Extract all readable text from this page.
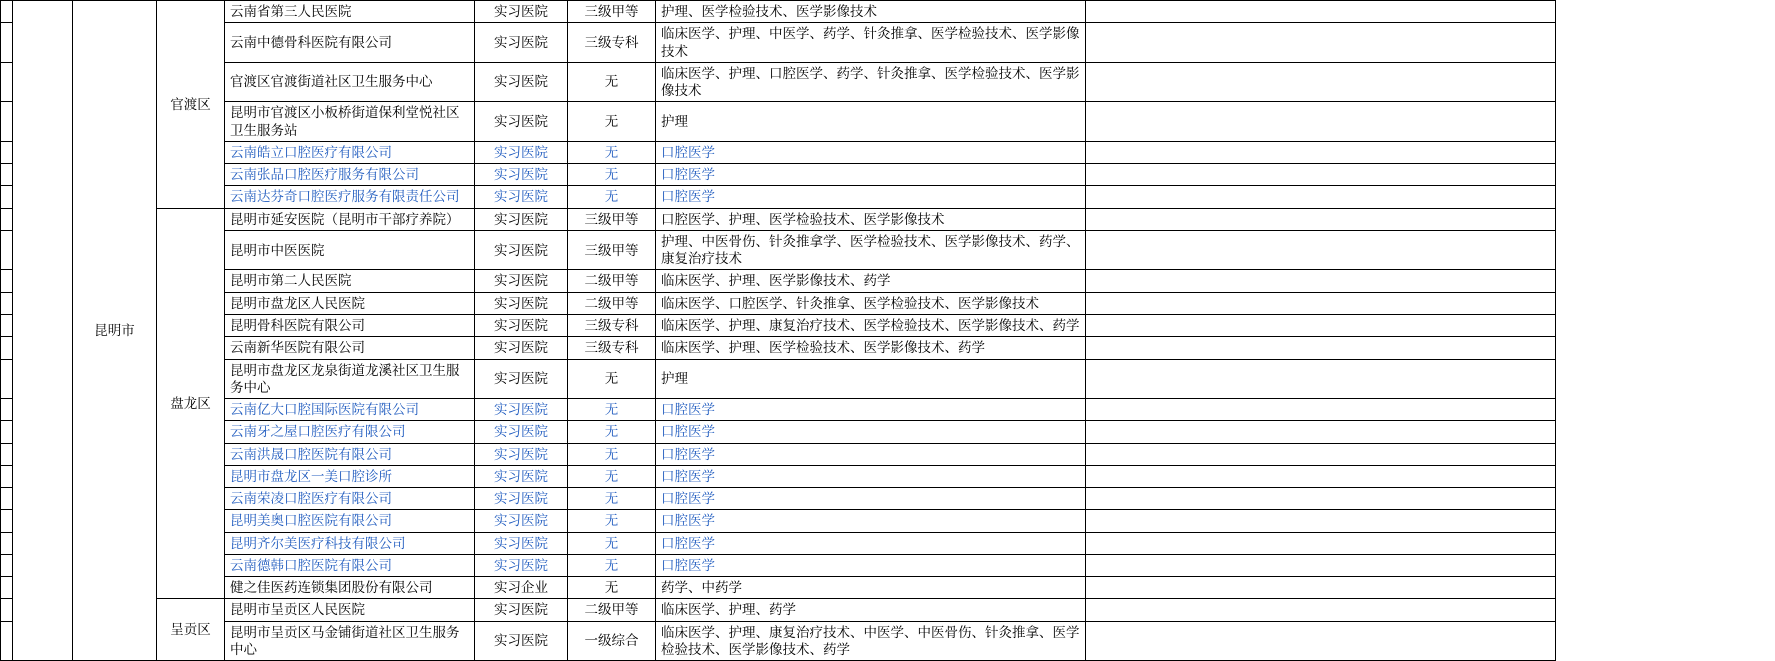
		昆明市	官渡区	云南省第三人民医院	实习医院	三级甲等	护理、医学检验技术、医学影像技术	
				云南中德骨科医院有限公司	实习医院	三级专科	临床医学、护理、中医学、药学、针灸推拿、医学检验技术、医学影像技术	
				官渡区官渡街道社区卫生服务中心	实习医院	无	临床医学、护理、口腔医学、药学、针灸推拿、医学检验技术、医学影像技术	
				昆明市官渡区小板桥街道保利堂悦社区卫生服务站	实习医院	无	护理	
				云南皓立口腔医疗有限公司	实习医院	无	口腔医学	
				云南张品口腔医疗服务有限公司	实习医院	无	口腔医学	
				云南达芬奇口腔医疗服务有限责任公司	实习医院	无	口腔医学	
			盘龙区	昆明市延安医院（昆明市干部疗养院）	实习医院	三级甲等	口腔医学、护理、医学检验技术、医学影像技术	
				昆明市中医医院	实习医院	三级甲等	护理、中医骨伤、针灸推拿学、医学检验技术、医学影像技术、药学、康复治疗技术	
				昆明市第二人民医院	实习医院	二级甲等	临床医学、护理、医学影像技术、药学	
				昆明市盘龙区人民医院	实习医院	二级甲等	临床医学、口腔医学、针灸推拿、医学检验技术、医学影像技术	
				昆明骨科医院有限公司	实习医院	三级专科	临床医学、护理、康复治疗技术、医学检验技术、医学影像技术、药学	
				云南新华医院有限公司	实习医院	三级专科	临床医学、护理、医学检验技术、医学影像技术、药学	
				昆明市盘龙区龙泉街道龙溪社区卫生服务中心	实习医院	无	护理	
				云南亿大口腔国际医院有限公司	实习医院	无	口腔医学	
				云南牙之屋口腔医疗有限公司	实习医院	无	口腔医学	
				云南洪晟口腔医院有限公司	实习医院	无	口腔医学	
				昆明市盘龙区一美口腔诊所	实习医院	无	口腔医学	
				云南荣凌口腔医疗有限公司	实习医院	无	口腔医学	
				昆明美奥口腔医院有限公司	实习医院	无	口腔医学	
				昆明齐尔美医疗科技有限公司	实习医院	无	口腔医学	
				云南德韩口腔医院有限公司	实习医院	无	口腔医学	
				健之佳医药连锁集团股份有限公司	实习企业	无	药学、中药学	
			呈贡区	昆明市呈贡区人民医院	实习医院	二级甲等	临床医学、护理、药学	
				昆明市呈贡区马金铺街道社区卫生服务中心	实习医院	一级综合	临床医学、护理、康复治疗技术、中医学、中医骨伤、针灸推拿、医学检验技术、医学影像技术、药学	
